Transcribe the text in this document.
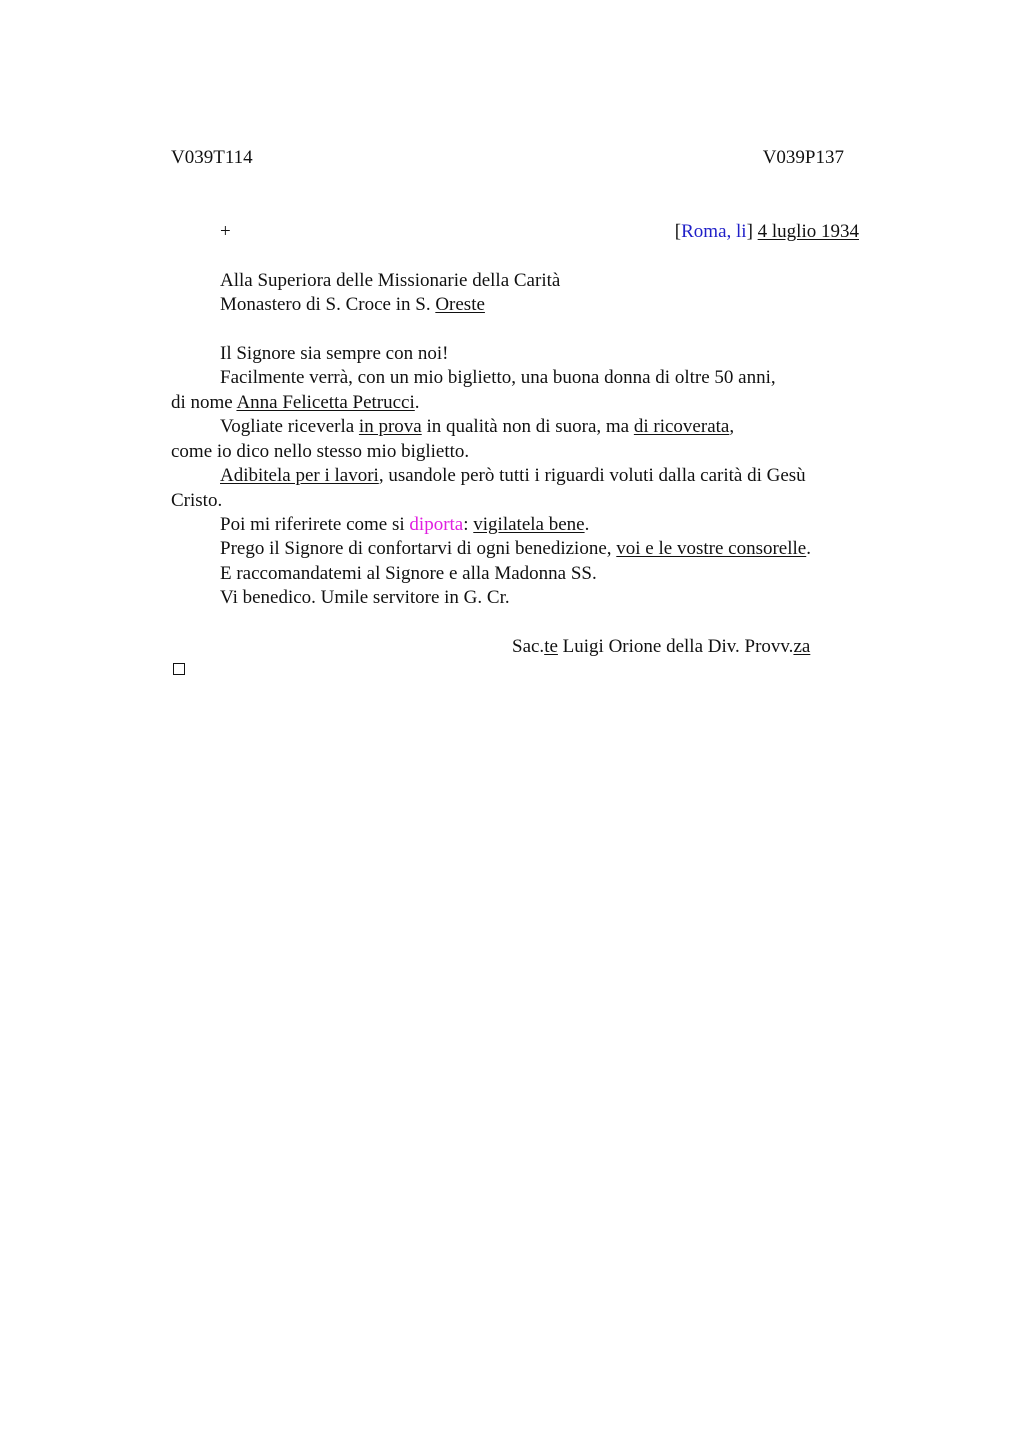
V039T114	V039P137
+	[Roma, li] 4 luglio 1934
Alla Superiora delle Missionarie della Carità
Monastero di S. Croce in S. Oreste
Il Signore sia sempre con noi!
Facilmente verrà, con un mio biglietto, una buona donna di oltre 50 anni,
di nome Anna Felicetta Petrucci.
Vogliate riceverla in prova in qualità non di suora, ma di ricoverata,
come io dico nello stesso mio biglietto.
Adibitela per i lavori, usandole però tutti i riguardi voluti dalla carità di Gesù
Cristo.
Poi mi riferirete come si diporta: vigilatela bene.
Prego il Signore di confortarvi di ogni benedizione, voi e le vostre consorelle.
E raccomandatemi al Signore e alla Madonna SS.
Vi benedico. Umile servitore in G. Cr.
Sac.te Luigi Orione della Div. Provv.za
